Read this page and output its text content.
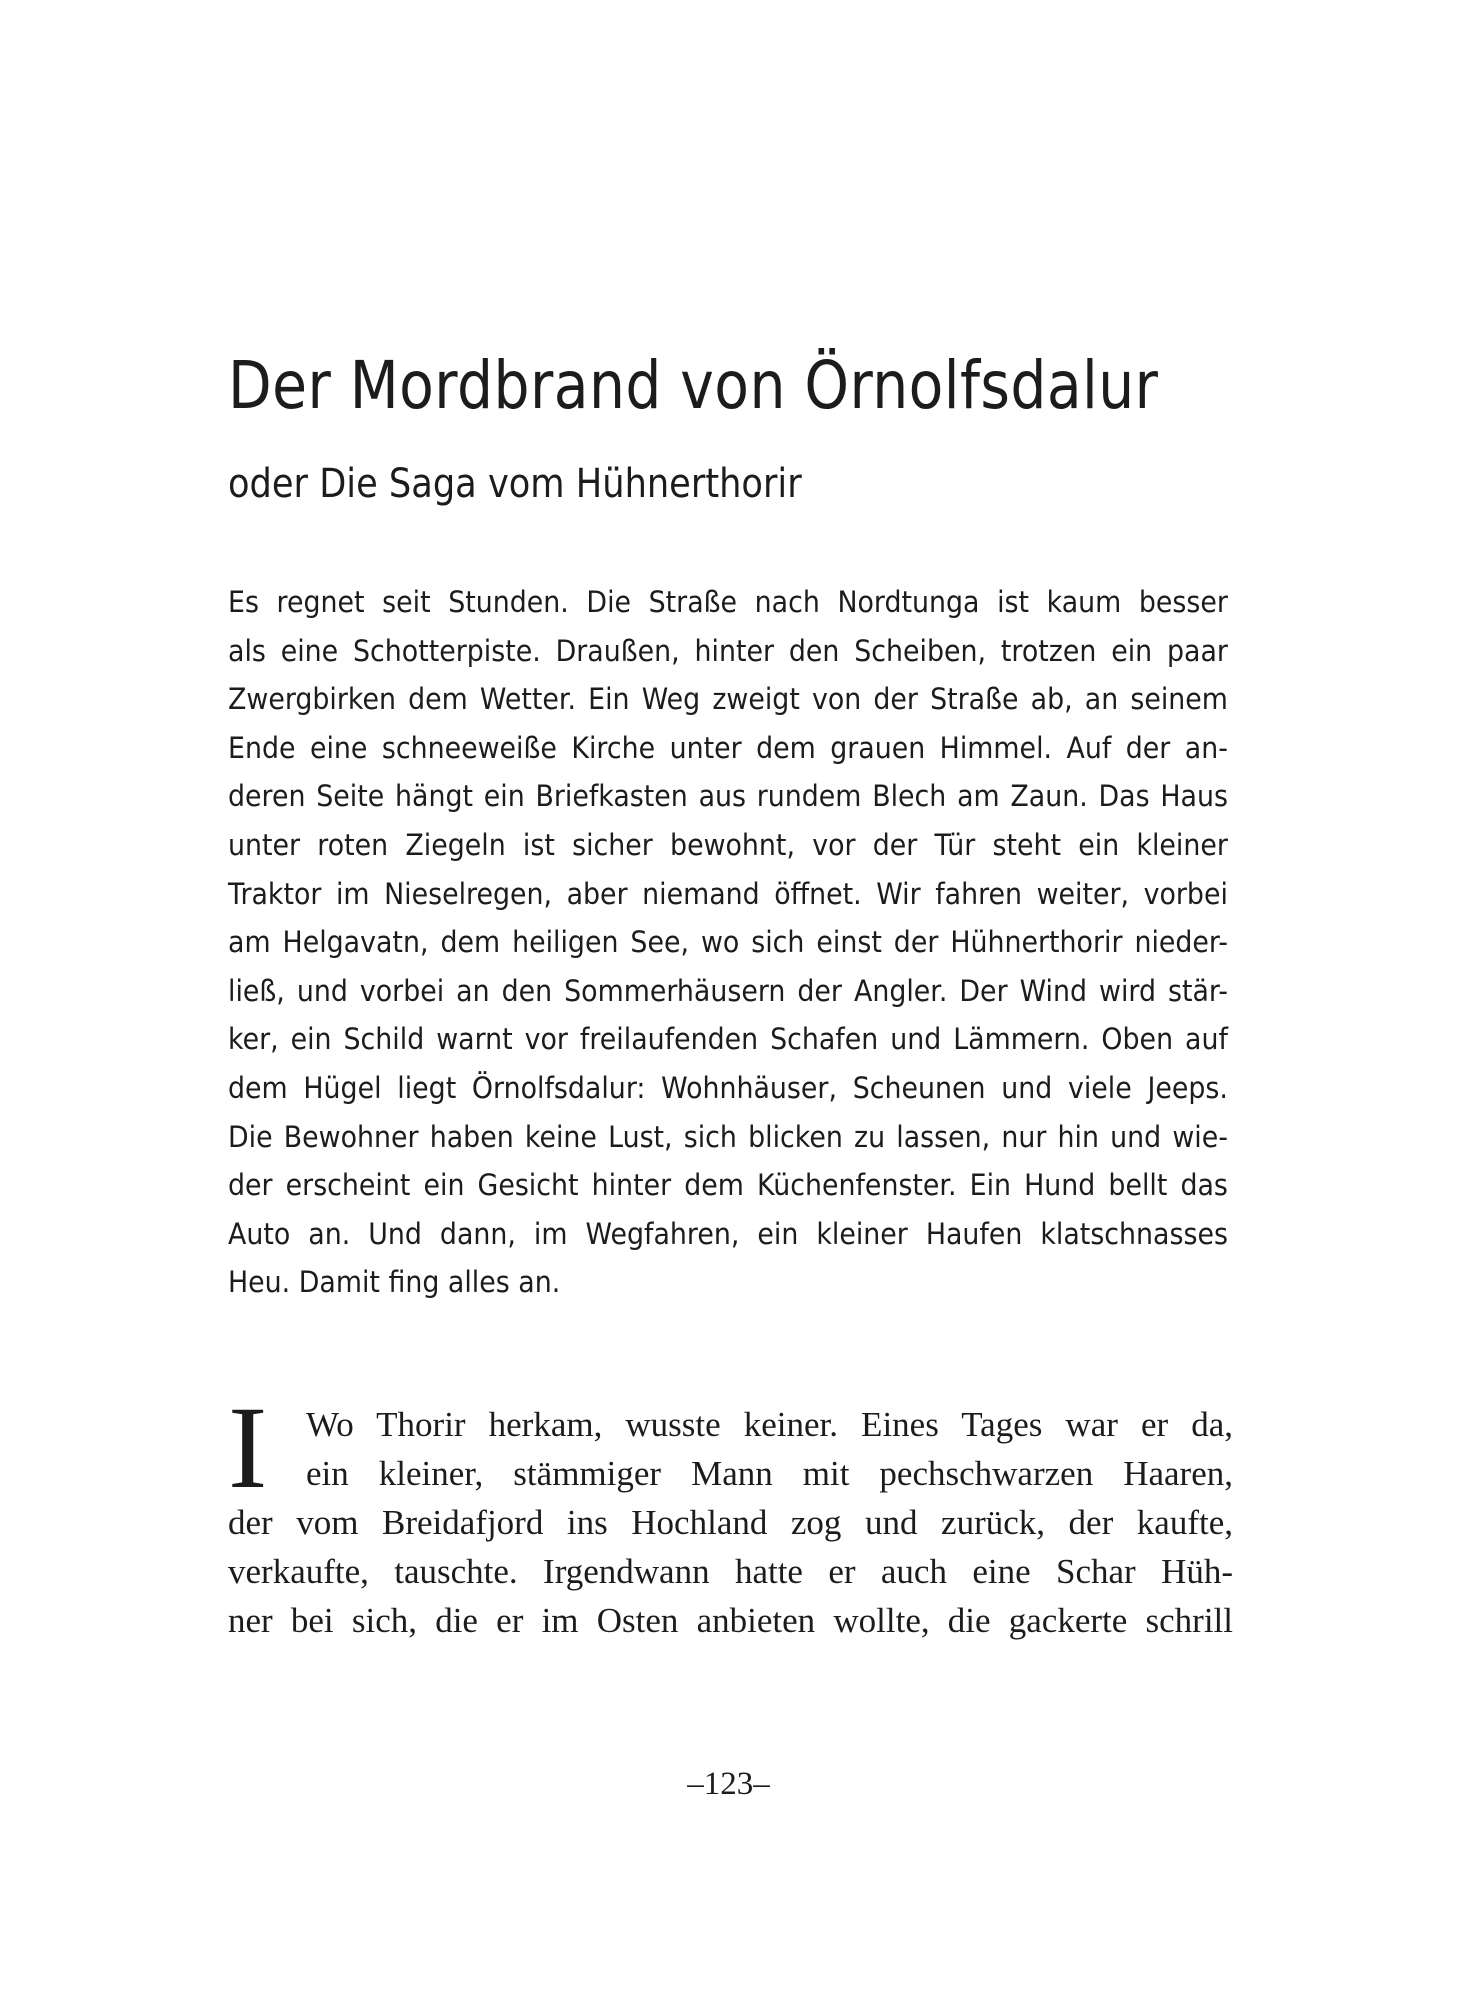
Der Mordbrand von Örnolfsdalur
oder Die Saga vom Hühnerthorir
Es regnet seit Stunden. Die Straße nach Nordtunga ist kaum besser
als eine Schotterpiste. Draußen, hinter den Scheiben, trotzen ein paar
Zwergbirken dem Wetter. Ein Weg zweigt von der Straße ab, an seinem
Ende eine schneeweiße Kirche unter dem grauen Himmel. Auf der an-
deren Seite hängt ein Briefkasten aus rundem Blech am Zaun. Das Haus
unter roten Ziegeln ist sicher bewohnt, vor der Tür steht ein kleiner
Traktor im Nieselregen, aber niemand öffnet. Wir fahren weiter, vorbei
am Helgavatn, dem heiligen See, wo sich einst der Hühnerthorir nieder-
ließ, und vorbei an den Sommerhäusern der Angler. Der Wind wird stär-
ker, ein Schild warnt vor freilaufenden Schafen und Lämmern. Oben auf
dem Hügel liegt Örnolfsdalur: Wohnhäuser, Scheunen und viele Jeeps.
Die Bewohner haben keine Lust, sich blicken zu lassen, nur hin und wie-
der erscheint ein Gesicht hinter dem Küchenfenster. Ein Hund bellt das
Auto an. Und dann, im Wegfahren, ein kleiner Haufen klatschnasses
Heu. Damit fing alles an.
I	Wo Thorir herkam, wusste keiner. Eines Tages war er da,
ein kleiner, stämmiger Mann mit pechschwarzen Haaren,
der vom Breidafjord ins Hochland zog und zurück, der kaufte,
verkaufte, tauschte. Irgendwann hatte er auch eine Schar Hüh-
ner bei sich, die er im Osten anbieten wollte, die gackerte schrill
–123–
